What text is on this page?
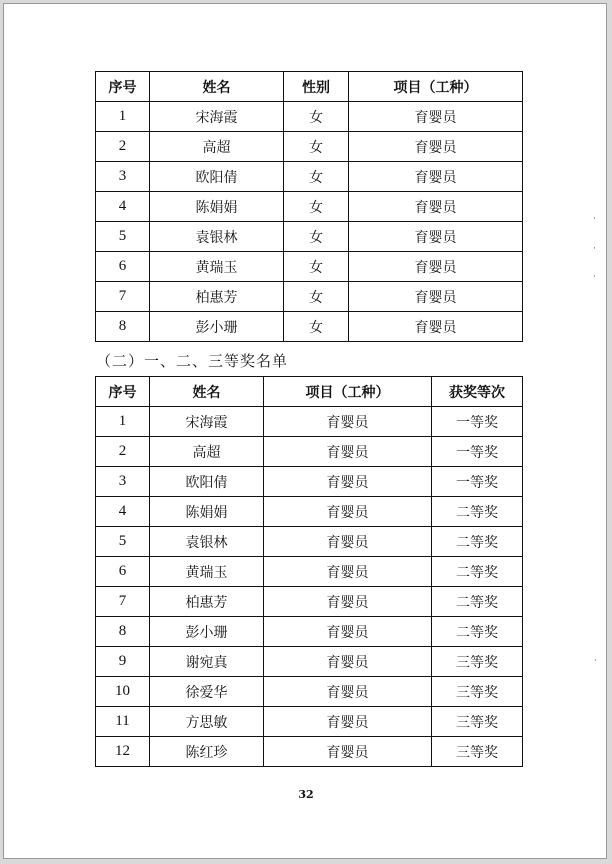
序号	姓名	性别	项目（工种）
1	宋海霞	女	育婴员
2	高超	女	育婴员
3	欧阳倩	女	育婴员
4	陈娟娟	女	育婴员
5	袁银林	女	育婴员
6	黄瑞玉	女	育婴员
7	柏惠芳	女	育婴员
8	彭小珊	女	育婴员
（二）一、二、三等奖名单
序号	姓名	项目（工种）	获奖等次
1	宋海霞	育婴员	一等奖
2	高超	育婴员	一等奖
3	欧阳倩	育婴员	一等奖
4	陈娟娟	育婴员	二等奖
5	袁银林	育婴员	二等奖
6	黄瑞玉	育婴员	二等奖
7	柏惠芳	育婴员	二等奖
8	彭小珊	育婴员	二等奖
9	谢宛真	育婴员	三等奖
10	徐爱华	育婴员	三等奖
11	方思敏	育婴员	三等奖
12	陈红珍	育婴员	三等奖
32
·
·
·
·
